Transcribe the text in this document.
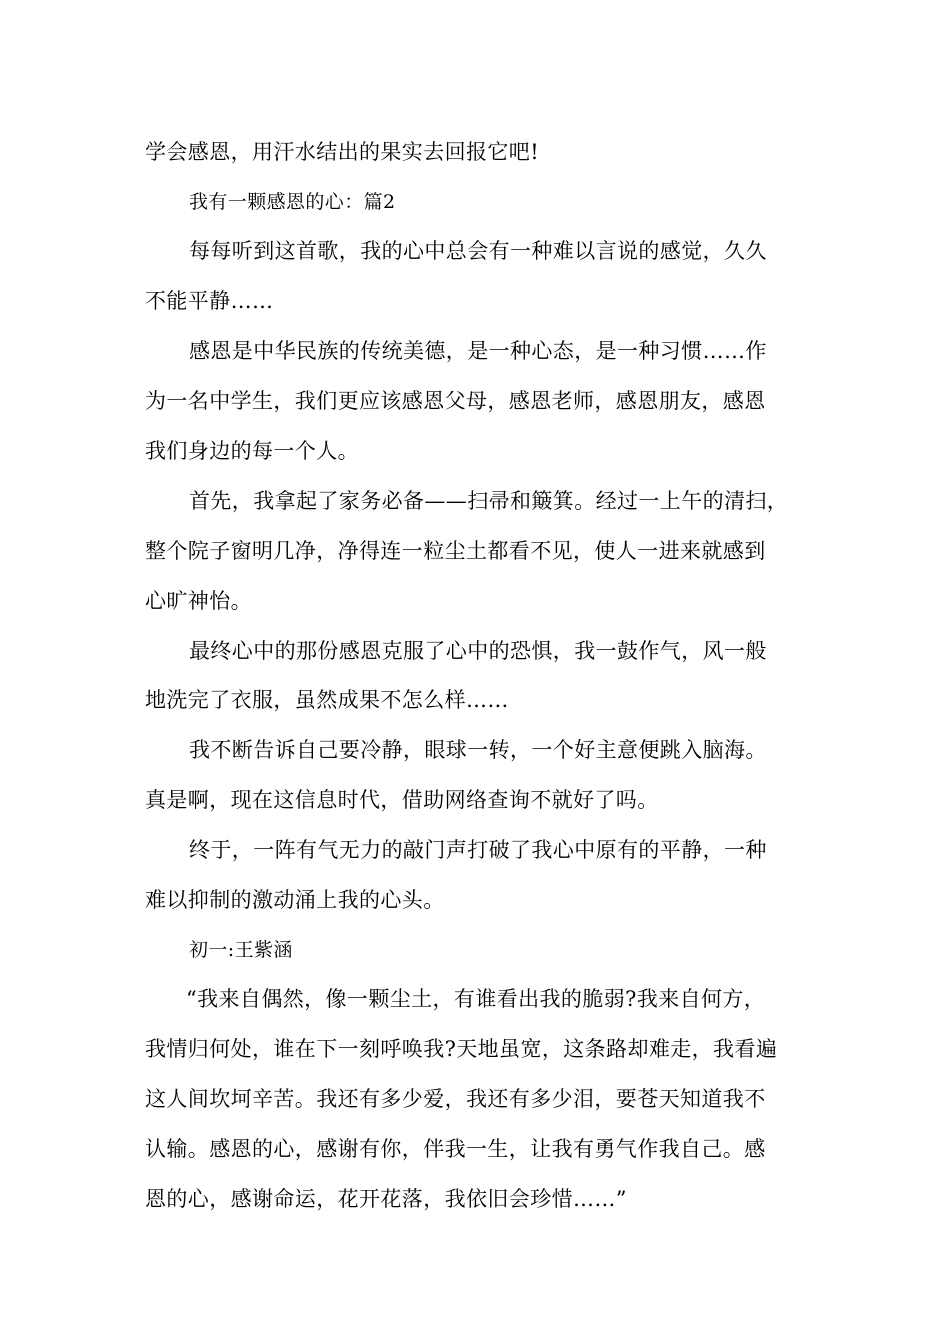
学会感恩，用汗水结出的果实去回报它吧!
我有一颗感恩的心：篇2
每每听到这首歌，我的心中总会有一种难以言说的感觉，久久
不能平静……
感恩是中华民族的传统美德，是一种心态，是一种习惯……作
为一名中学生，我们更应该感恩父母，感恩老师，感恩朋友，感恩
我们身边的每一个人。
首先，我拿起了家务必备——扫帚和簸箕。经过一上午的清扫，
整个院子窗明几净，净得连一粒尘土都看不见，使人一进来就感到
心旷神怡。
最终心中的那份感恩克服了心中的恐惧，我一鼓作气，风一般
地洗完了衣服，虽然成果不怎么样……
我不断告诉自己要冷静，眼球一转，一个好主意便跳入脑海。
真是啊，现在这信息时代，借助网络查询不就好了吗。
终于，一阵有气无力的敲门声打破了我心中原有的平静，一种
难以抑制的激动涌上我的心头。
初一:王紫涵
“我来自偶然，像一颗尘土，有谁看出我的脆弱?我来自何方，
我情归何处，谁在下一刻呼唤我?天地虽宽，这条路却难走，我看遍
这人间坎坷辛苦。我还有多少爱，我还有多少泪，要苍天知道我不
认输。感恩的心，感谢有你，伴我一生，让我有勇气作我自己。感
恩的心，感谢命运，花开花落，我依旧会珍惜……”
